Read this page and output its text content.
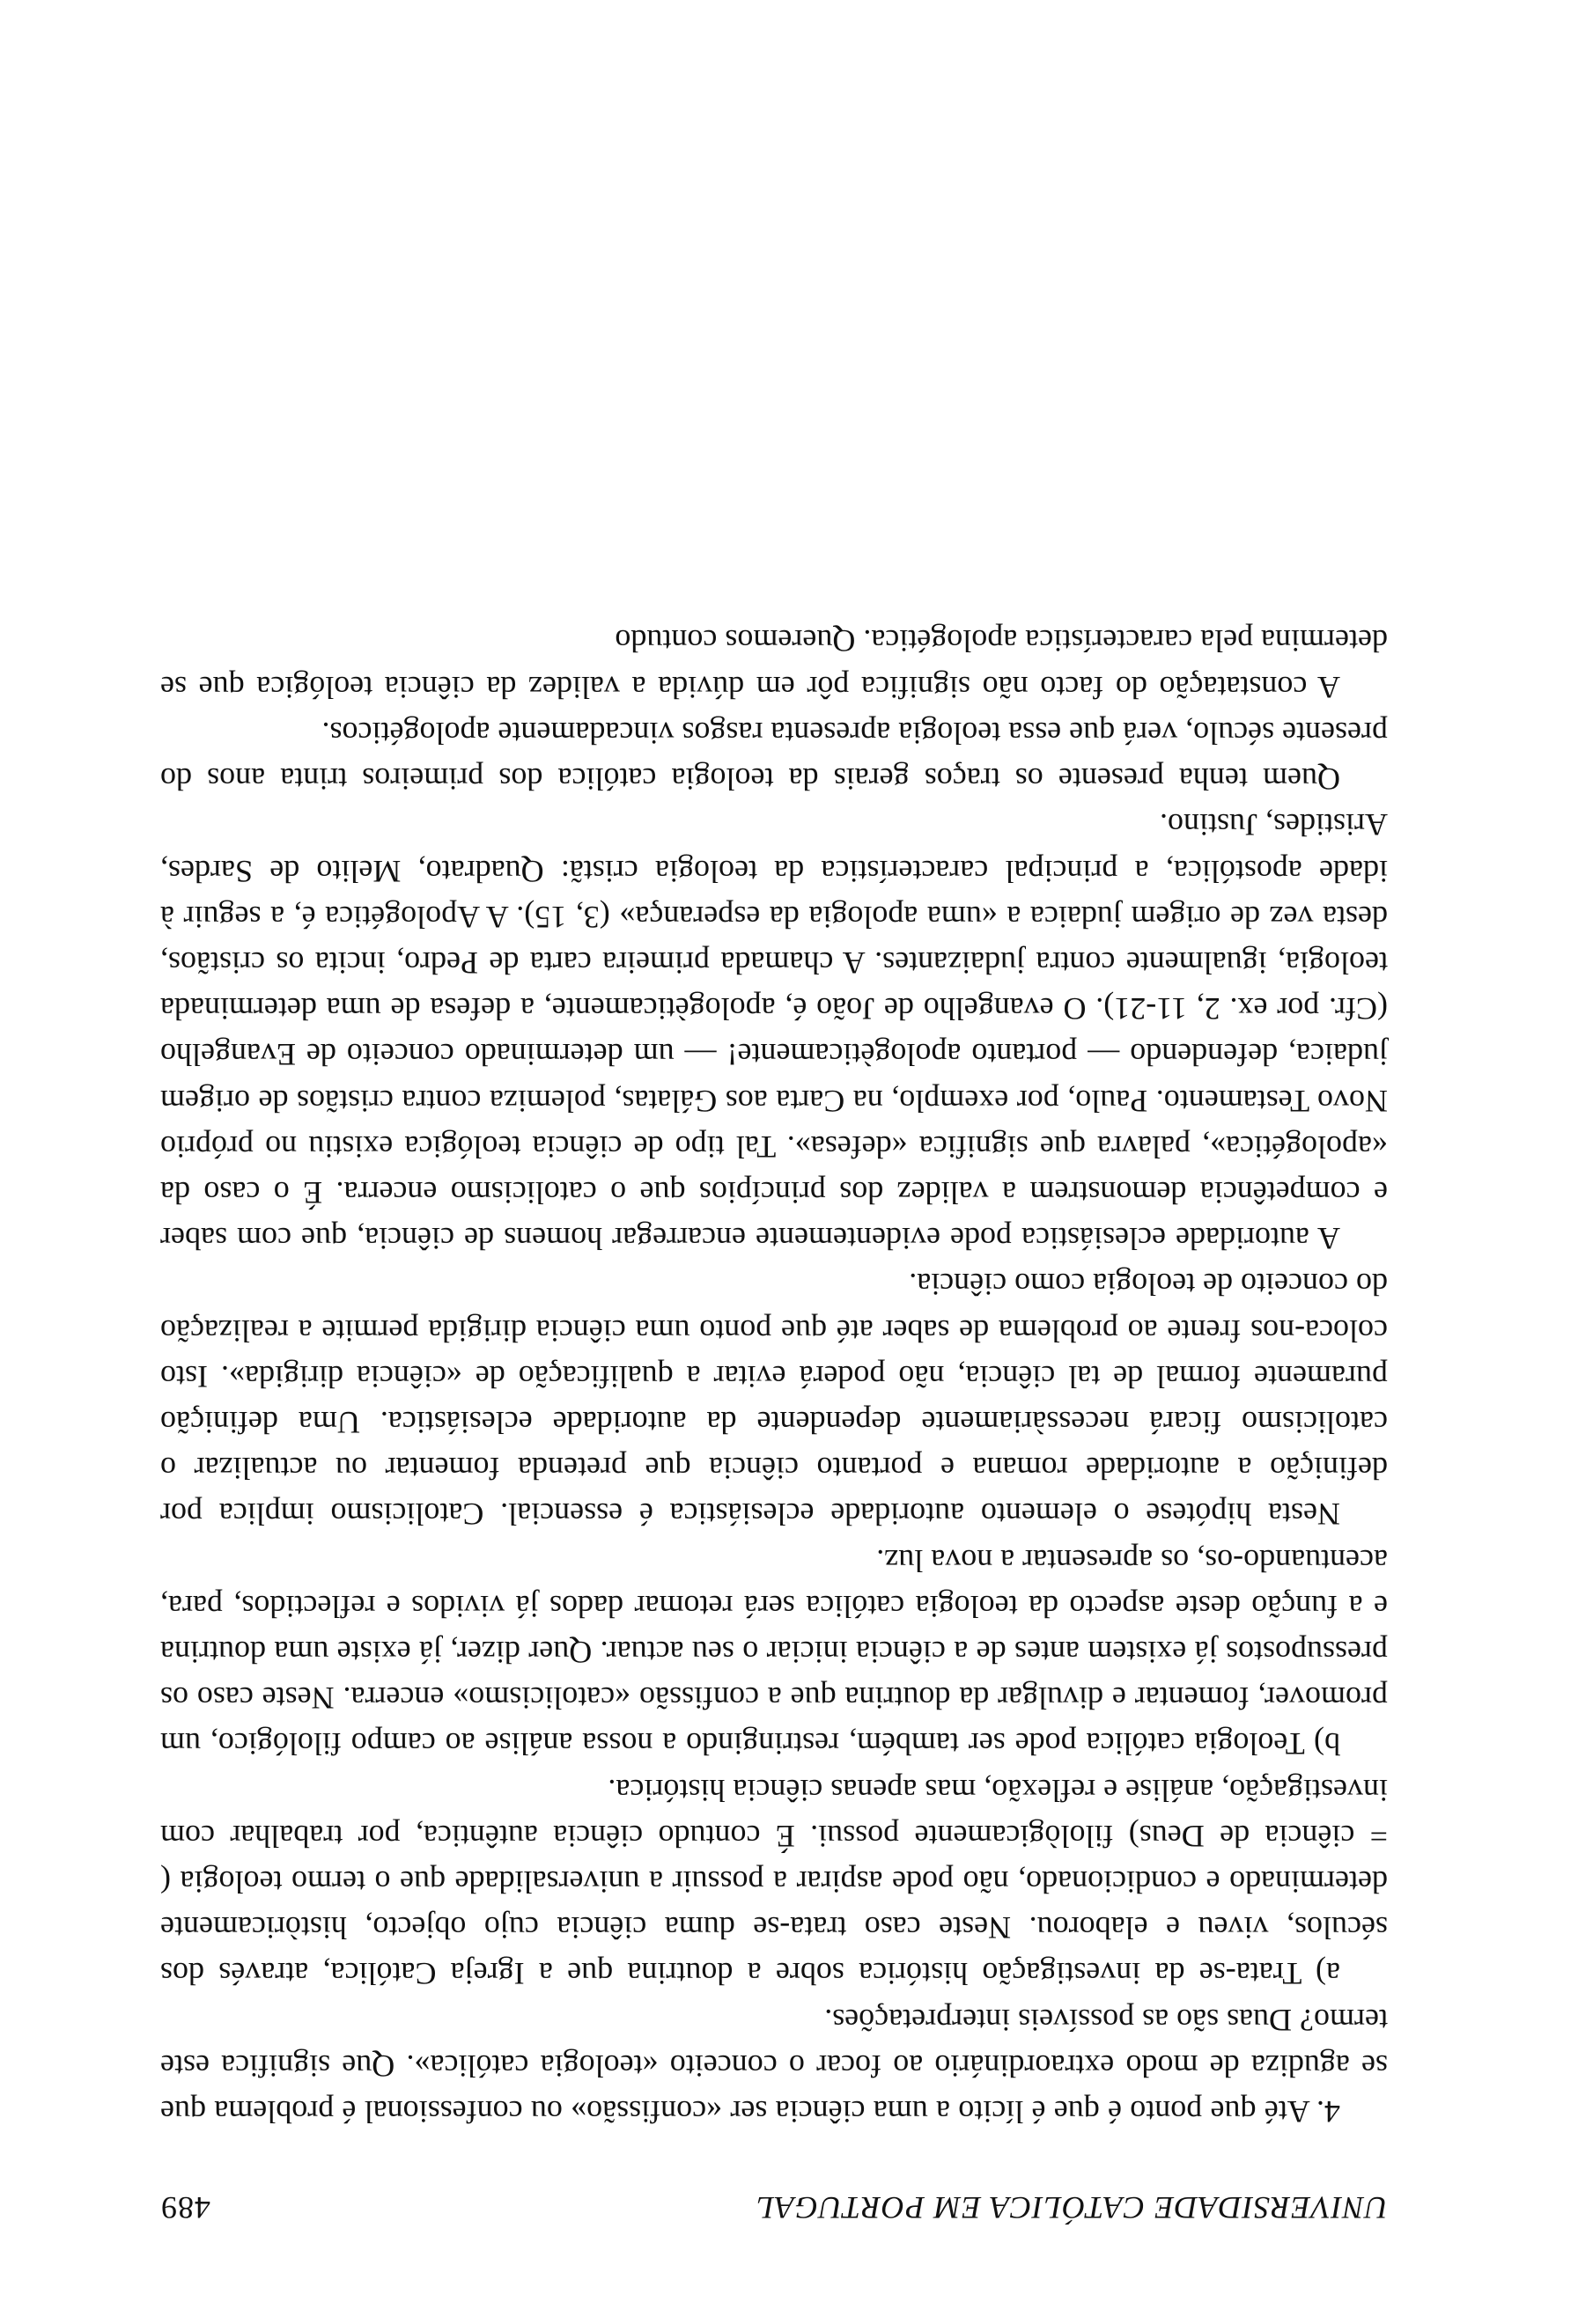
UNIVERSIDADE CATÓLICA EM PORTUGAL
489

4. Até que ponto é que é lícito a uma ciência ser «confissão» ou confessional é problema que se agudiza de modo extraordinário ao focar o conceito «teologia católica». Que significa este termo? Duas são as possíveis interpretações.

a) Trata-se da investigação histórica sobre a doutrina que a Igreja Católica, através dos séculos, viveu e elaborou. Neste caso trata-se duma ciência cujo objecto, històricamente determinado e condicionado, não pode aspirar a possuir a universalidade que o termo teologia ( = ciência de Deus) filològicamente possui. É contudo ciência autêntica, por trabalhar com investigação, análise e reflexão, mas apenas ciência histórica.

b) Teologia católica pode ser também, restringindo a nossa análise ao campo filológico, um promover, fomentar e divulgar da doutrina que a confissão «catolicismo» encerra. Neste caso os pressupostos já existem antes de a ciência iniciar o seu actuar. Quer dizer, já existe uma doutrina e a função deste aspecto da teologia católica será retomar dados já vividos e reflectidos, para, acentuando-os, os apresentar a nova luz.

Nesta hipótese o elemento autoridade eclesiástica é essencial. Catolicismo implica por definição a autoridade romana e portanto ciência que pretenda fomentar ou actualizar o catolicismo ficará necessàriamente dependente da autoridade eclesiástica. Uma definição puramente formal de tal ciência, não poderá evitar a qualificação de «ciência dirigida». Isto coloca-nos frente ao problema de saber até que ponto uma ciência dirigida permite a realização do conceito de teologia como ciência.

A autoridade eclesiástica pode evidentemente encarregar homens de ciência, que com saber e competência demonstrem a validez dos princípios que o catolicismo encerra. É o caso da «apologética», palavra que significa «defesa». Tal tipo de ciência teológica existiu no próprio Novo Testamento. Paulo, por exemplo, na Carta aos Gálatas, polemiza contra cristãos de origem judaica, defendendo — portanto apologèticamente! — um determinado conceito de Evangelho (Cfr. por ex. 2, 11-21). O evangelho de João é, apologèticamente, a defesa de uma determinada teologia, igualmente contra judaizantes. A chamada primeira carta de Pedro, incita os cristãos, desta vez de origem judaica a «uma apologia da esperança» (3, 15). A Apologética é, a seguir à idade apostólica, a principal característica da teologia cristã: Quadrato, Melito de Sardes, Aristides, Justino.

Quem tenha presente os traços gerais da teologia católica dos primeiros trinta anos do presente século, verá que essa teologia apresenta rasgos vincadamente apologéticos.

A constatação do facto não significa pôr em dúvida a validez da ciência teológica que se determina pela característica apologética. Queremos contudo
